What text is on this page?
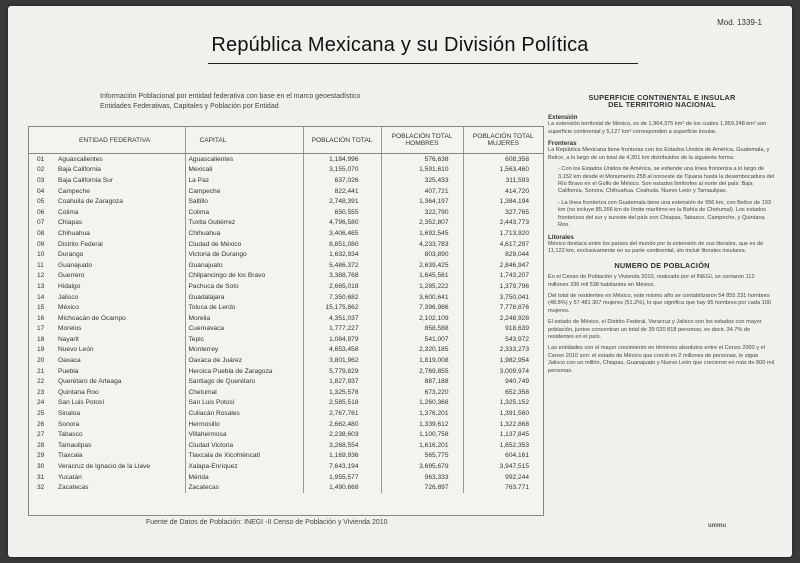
Mod. 1339-1
República Mexicana y su División Política
Información Poblacional por entidad federativa con base en el marco geoestadístico
Entidades Federativas, Capitales y Población por Entidad
	ENTIDAD FEDERATIVA	CAPITAL	POBLACIÓN TOTAL	POBLACIÓN TOTAL HOMBRES	POBLACIÓN TOTAL MUJERES
01	Aguascalientes	Aguascalientes	1,184,996	576,638	608,358
02	Baja California	Mexicali	3,155,070	1,591,610	1,563,460
03	Baja California Sur	La Paz	637,026	325,433	311,593
04	Campeche	Campeche	822,441	407,721	414,720
05	Coahuila de Zaragoza	Saltillo	2,748,391	1,364,197	1,384,194
06	Colima	Colima	650,555	322,790	327,765
07	Chiapas	Tuxtla Gutiérrez	4,796,580	2,352,807	2,443,773
08	Chihuahua	Chihuahua	3,406,465	1,692,545	1,713,920
09	Distrito Federal	Ciudad de México	8,851,080	4,233,783	4,617,297
10	Durango	Victoria de Durango	1,632,934	803,890	829,044
11	Guanajuato	Guanajuato	5,486,372	2,639,425	2,846,947
12	Guerrero	Chilpancingo de los Bravo	3,388,768	1,645,561	1,743,207
13	Hidalgo	Pachuca de Soto	2,665,018	1,285,222	1,379,796
14	Jalisco	Guadalajara	7,350,682	3,600,641	3,750,041
15	México	Toluca de Lerdo	15,175,862	7,396,986	7,778,876
16	Michoacán de Ocampo	Morelia	4,351,037	2,102,109	2,248,928
17	Morelos	Cuernavaca	1,777,227	858,588	918,639
18	Nayarit	Tepic	1,084,979	541,007	543,972
19	Nuevo León	Monterrey	4,653,458	2,320,185	2,333,273
20	Oaxaca	Oaxaca de Juárez	3,801,962	1,819,008	1,982,954
21	Puebla	Heroica Puebla de Zaragoza	5,779,829	2,769,855	3,009,974
22	Querétaro de Arteaga	Santiago de Querétaro	1,827,937	887,188	940,749
23	Quintana Roo	Chetumal	1,325,578	673,220	652,358
24	San Luis Potosí	San Luis Potosí	2,585,518	1,260,366	1,325,152
25	Sinaloa	Culiacán Rosales	2,767,761	1,376,201	1,391,560
26	Sonora	Hermosillo	2,662,480	1,339,612	1,322,868
27	Tabasco	Villahermosa	2,238,603	1,100,758	1,137,845
28	Tamaulipas	Ciudad Victoria	3,268,554	1,616,201	1,652,353
29	Tlaxcala	Tlaxcala de Xicohténcatl	1,169,936	565,775	604,161
30	Veracruz de Ignacio de la Llave	Xalapa-Enríquez	7,643,194	3,695,679	3,947,515
31	Yucatán	Mérida	1,955,577	963,333	992,244
32	Zacatecas	Zacatecas	1,490,668	726,897	763,771
Fuente de Datos de Población: INEGI -II Censo de Población y Vivienda 2010
SUPERFICIE CONTINENTAL E INSULAR
DEL TERRITORIO NACIONAL
Extensión

La extensión territorial de México, es de 1,964,375 km² de los cuales 1,959,248 km² son superficie continental y 5,127 km² corresponden a superficie insular.

Fronteras

La República Mexicana tiene fronteras con los Estados Unidos de América, Guatemala, y Belice, a lo largo de un total de 4,301 km distribuidos de la siguiente forma:

- Con los Estados Unidos de América, se extiende una línea fronteriza a lo largo de 3,152 km desde el Monumento 258 al noroeste de Tijuana hasta la desembocadura del Río Bravo en el Golfo de México. Son estados limítrofes al norte del país: Baja California, Sonora, Chihuahua, Coahuila, Nuevo León y Tamaulipas.

- La línea fronteriza con Guatemala tiene una extensión de 956 km, con Belice de 193 km (no incluye 85.266 km de límite marítimo en la Bahía de Chetumal). Los estados fronterizos del sur y sureste del país son Chiapas, Tabasco, Campeche, y Quintana Roo.

Litorales

México destaca entre los países del mundo por la extensión de sus litorales, que es de 11,122 km, exclusivamente en su parte continental, sin incluir litorales insulares.

NUMERO DE POBLACIÓN

En el Censo de Población y Vivienda 2010, realizado por el INEGI, se contaron 112 millones 336 mil 538 habitantes en México.

Del total de residentes en México, este mismo año se contabilizaron 54 855 231 hombres (48.8%) y 57 481 307 mujeres (51.2%), lo que significa que hay 95 hombres por cada 100 mujeres.

El estado de México, el Distrito Federal, Veracruz y Jalisco son los estados con mayor población, juntos concentran un total de 39 020 818 personas, es decir, 34.7% de residentes en el país.

Las entidades con el mayor crecimiento en términos absolutos entre el Censo 2000 y el Censo 2010 son: el estado de México que creció en 2 millones de personas, le sigue Jalisco con un millón, Chiapas, Guanajuato y Nuevo León que crecieron en más de 800 mil personas.

ummu
